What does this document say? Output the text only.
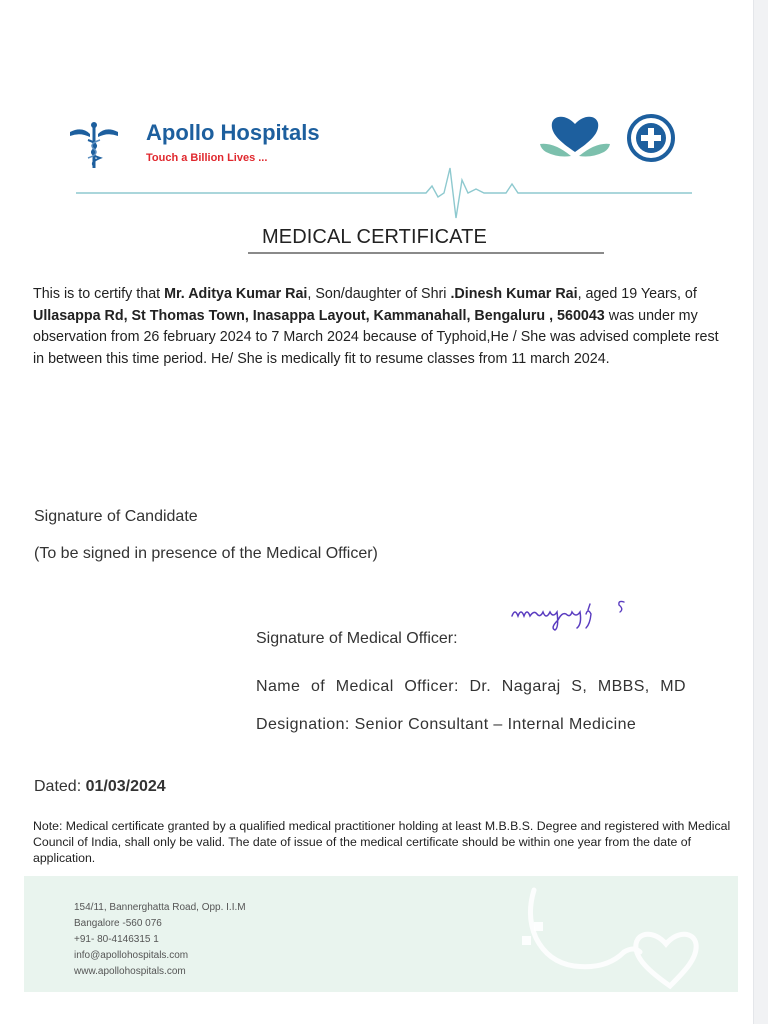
Apollo Hospitals
Touch a Billion Lives ...
MEDICAL CERTIFICATE

This is to certify that Mr. Aditya Kumar Rai, Son/daughter of Shri .Dinesh Kumar Rai, aged 19 Years, of Ullasappa Rd, St Thomas Town, Inasappa Layout, Kammanahall, Bengaluru , 560043 was under my observation from 26 february 2024 to 7 March 2024 because of Typhoid,He / She was advised complete rest in between this time period. He/ She is medically fit to resume classes from 11 march 2024.

Signature of Candidate
(To be signed in presence of the Medical Officer)
Signature of Medical Officer:
Name of Medical Officer: Dr. Nagaraj S, MBBS, MD Designation: Senior Consultant – Internal Medicine
Dated: 01/03/2024
Note: Medical certificate granted by a qualified medical practitioner holding at least M.B.B.S. Degree and registered with Medical Council of India, shall only be valid. The date of issue of the medical certificate should be within one year from the date of application.
154/11, Bannerghatta Road, Opp. I.I.M
Bangalore -560 076
+91- 80-4146315 1
info@apollohospitals.com
www.apollohospitals.com
